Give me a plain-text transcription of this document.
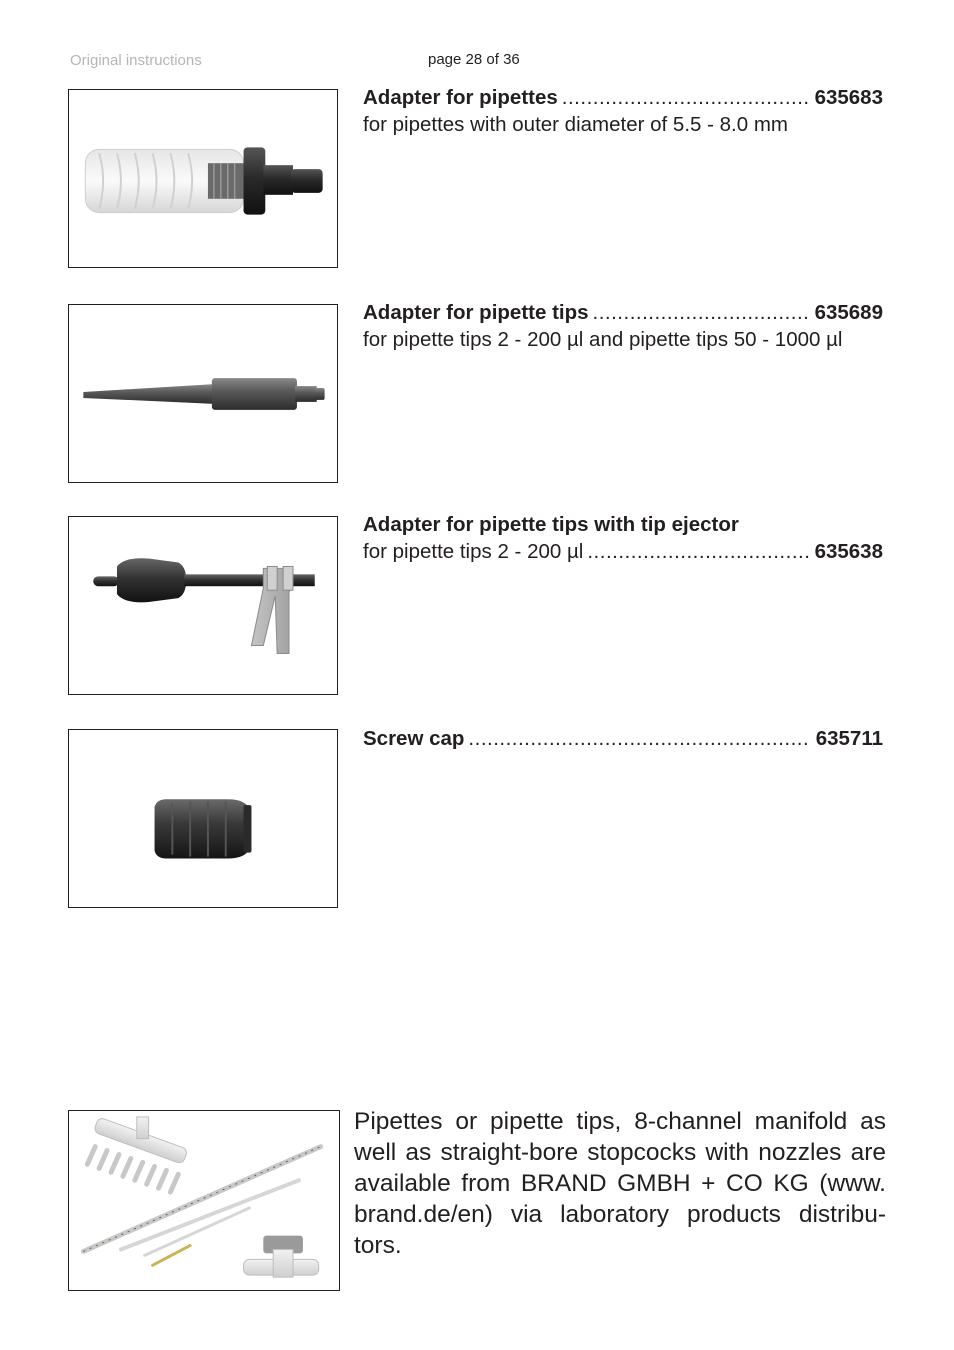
Original instructions	page 28 of 36
Adapter for pipettes .....	635683
for pipettes with outer diameter of 5.5 - 8.0 mm
Adapter for pipette tips .....	635689
for pipette tips 2 - 200 µl and pipette tips 50 - 1000 µl
Adapter for pipette tips with tip ejector
for pipette tips 2 - 200 µl .....	635638
Screw cap .....	635711
Pipettes or pipette tips, 8-channel manifold as well as straight-bore stopcocks with nozzles are available from BRAND GMBH + CO KG (www. brand.de/en) via laboratory products distribu- tors.
